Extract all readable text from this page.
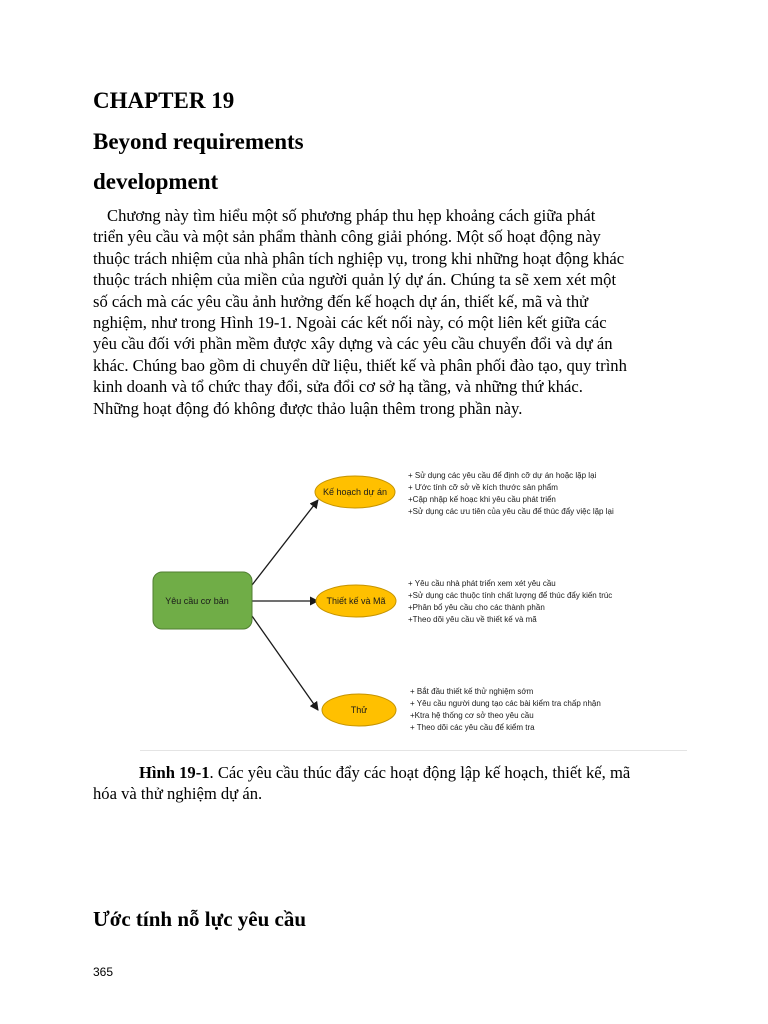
CHAPTER 19
Beyond requirements
development

Chương này tìm hiểu một số phương pháp thu hẹp khoảng cách giữa phát
triển yêu cầu và một sản phẩm thành công giải phóng. Một số hoạt động này
thuộc trách nhiệm của nhà phân tích nghiệp vụ, trong khi những hoạt động khác
thuộc trách nhiệm của miền của người quản lý dự án. Chúng ta sẽ xem xét một
số cách mà các yêu cầu ảnh hưởng đến kế hoạch dự án, thiết kế, mã và thử
nghiệm, như trong Hình 19-1. Ngoài các kết nối này, có một liên kết giữa các
yêu cầu đối với phần mềm được xây dựng và các yêu cầu chuyển đổi và dự án
khác. Chúng bao gồm di chuyển dữ liệu, thiết kế và phân phối đào tạo, quy trình
kinh doanh và tổ chức thay đổi, sửa đổi cơ sở hạ tầng, và những thứ khác.
Những hoạt động đó không được thảo luận thêm trong phần này.

Yêu cầu cơ bản
Kế hoạch dự án
Thiết kế và Mã
Thử
+ Sử dụng các yêu cầu để định cỡ dự án hoặc lặp lại
+ Ước tính cỡ sở về kích thước sản phẩm
+Cập nhập kế hoạc khi yêu cầu phát triển
+Sử dụng các ưu tiên của yêu cầu để thúc đẩy việc lặp lại
+ Yêu cầu nhà phát triển xem xét yêu cầu
+Sử dụng các thuộc tính chất lượng để thúc đẩy kiến trúc
+Phân bổ yêu cầu cho các thành phần
+Theo dõi yêu cầu về thiết kế và mã
+ Bắt đầu thiết kế thử nghiệm sớm
+ Yêu cầu người dung tạo các bài kiểm tra chấp nhận
+Ktra hệ thống cơ sở theo yêu cầu
+ Theo dõi các yêu cầu để kiểm tra

Hình 19-1. Các yêu cầu thúc đẩy các hoạt động lập kế hoạch, thiết kế, mã
hóa và thử nghiệm dự án.

Ước tính nỗ lực yêu cầu
365
